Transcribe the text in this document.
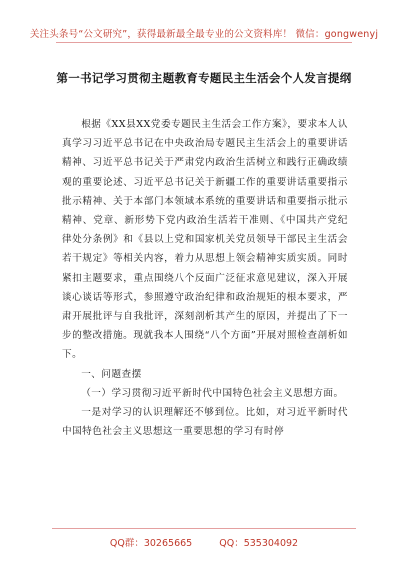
关注头条号“公文研究”，获得最新最全最专业的公文资料库！ 微信：gongwenyj
第一书记学习贯彻主题教育专题民主生活会个人发言提纲

根据《XX县XX党委专题民主生活会工作方案》，要求本人认真学习习近平总书记在中央政治局专题民主生活会上的重要讲话精神、习近平总书记关于严肃党内政治生活树立和践行正确政绩观的重要论述、习近平总书记关于新疆工作的重要讲话重要指示批示精神、关于本部门本领域本系统的重要讲话和重要指示批示精神、党章、新形势下党内政治生活若干准则、《中国共产党纪律处分条例》和《县以上党和国家机关党员领导干部民主生活会若干规定》等相关内容，着力从思想上领会精神实质实质。同时紧扣主题要求，重点围绕八个反面广泛征求意见建议，深入开展谈心谈话等形式，参照遵守政治纪律和政治规矩的根本要求，严肃开展批评与自我批评，深刻剖析其产生的原因，并提出了下一步的整改措施。现就我本人围绕“八个方面”开展对照检查剖析如下。

一、问题查摆

（一）学习贯彻习近平新时代中国特色社会主义思想方面。

一是对学习的认识理解还不够到位。比如，对习近平新时代中国特色社会主义思想这一重要思想的学习有时停

QQ群：30265665	QQ：535304092
